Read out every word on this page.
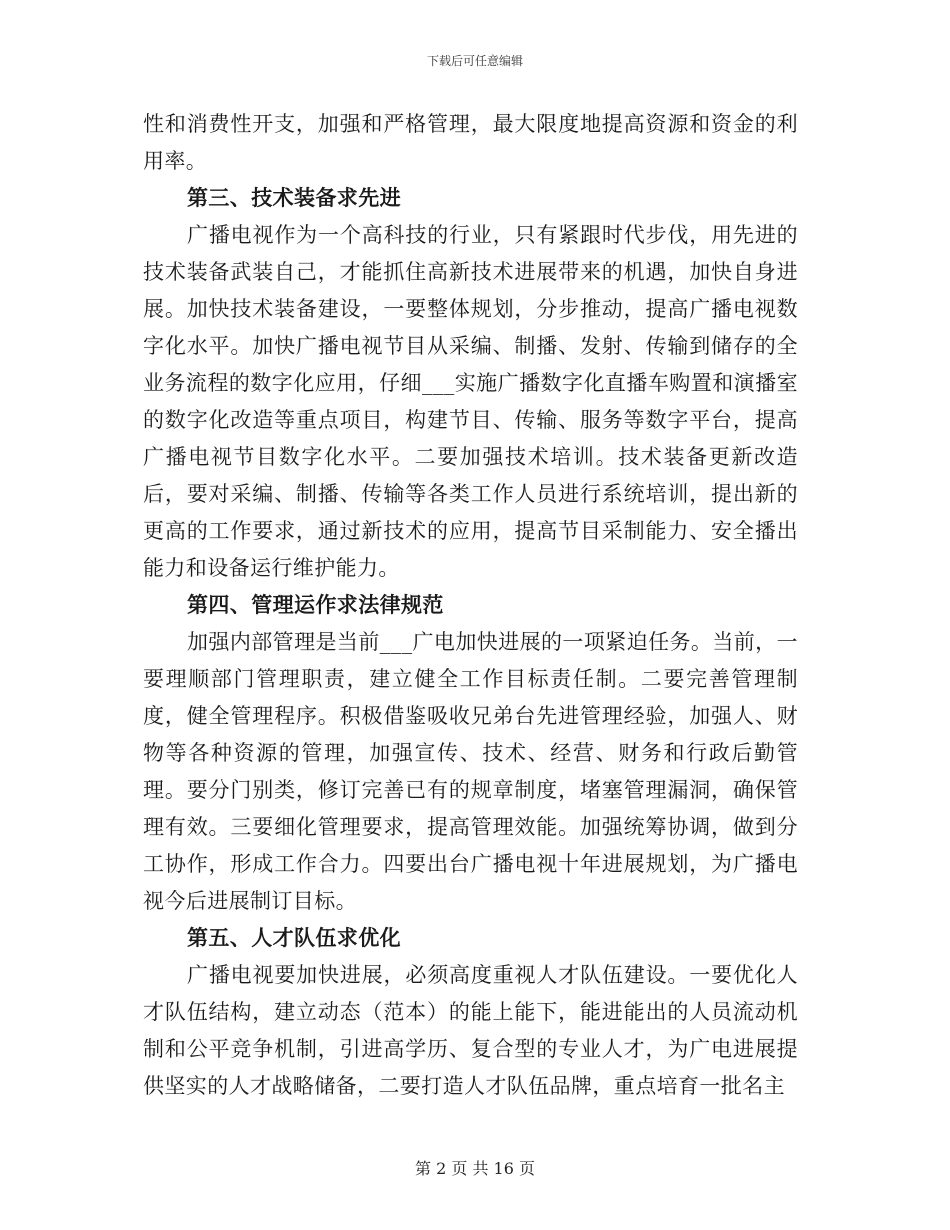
下载后可任意编辑

性和消费性开支，加强和严格管理，最大限度地提高资源和资金的利用率。

第三、技术装备求先进

广播电视作为一个高科技的行业，只有紧跟时代步伐，用先进的技术装备武装自己，才能抓住高新技术进展带来的机遇，加快自身进展。加快技术装备建设，一要整体规划，分步推动，提高广播电视数字化水平。加快广播电视节目从采编、制播、发射、传输到储存的全业务流程的数字化应用，仔细___实施广播数字化直播车购置和演播室的数字化改造等重点项目，构建节目、传输、服务等数字平台，提高广播电视节目数字化水平。二要加强技术培训。技术装备更新改造后，要对采编、制播、传输等各类工作人员进行系统培训，提出新的更高的工作要求，通过新技术的应用，提高节目采制能力、安全播出能力和设备运行维护能力。

第四、管理运作求法律规范

加强内部管理是当前___广电加快进展的一项紧迫任务。当前，一要理顺部门管理职责，建立健全工作目标责任制。二要完善管理制度，健全管理程序。积极借鉴吸收兄弟台先进管理经验，加强人、财物等各种资源的管理，加强宣传、技术、经营、财务和行政后勤管理。要分门别类，修订完善已有的规章制度，堵塞管理漏洞，确保管理有效。三要细化管理要求，提高管理效能。加强统筹协调，做到分工协作，形成工作合力。四要出台广播电视十年进展规划，为广播电视今后进展制订目标。

第五、人才队伍求优化

广播电视要加快进展，必须高度重视人才队伍建设。一要优化人才队伍结构，建立动态（范本）的能上能下，能进能出的人员流动机制和公平竞争机制，引进高学历、复合型的专业人才，为广电进展提供坚实的人才战略储备，二要打造人才队伍品牌，重点培育一批名主

第 2 页 共 16 页
